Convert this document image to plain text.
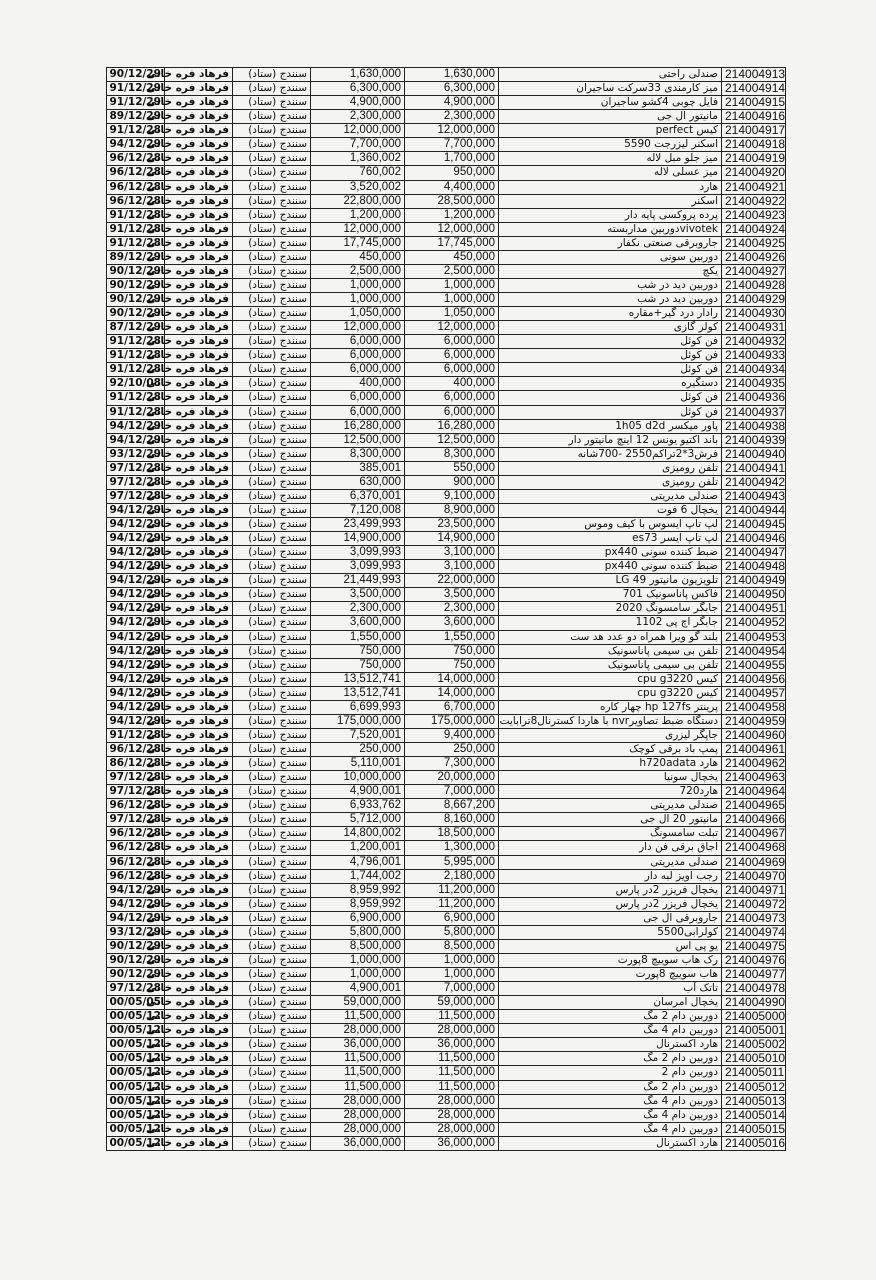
90/12/29	فرهاد فره خانی	سنندج (ستاد)	1,630,000	1,630,000	صندلی راحتی	214004913
91/12/29	فرهاد فره خانی	سنندج (ستاد)	6,300,000	6,300,000	میز کارمندی 33سرکت ساجیران	214004914
91/12/29	فرهاد فره خانی	سنندج (ستاد)	4,900,000	4,900,000	فایل چوبی 4کشو ساجیران	214004915
89/12/29	فرهاد فره خانی	سنندج (ستاد)	2,300,000	2,300,000	مانیتور ال جی	214004916
91/12/28	فرهاد فره خانی	سنندج (ستاد)	12,000,000	12,000,000	کیس perfect	214004917
94/12/29	فرهاد فره خانی	سنندج (ستاد)	7,700,000	7,700,000	اسکنر لیزرجت 5590	214004918
96/12/28	فرهاد فره خانی	سنندج (ستاد)	1,360,002	1,700,000	میز جلو مبل لاله	214004919
96/12/28	فرهاد فره خانی	سنندج (ستاد)	760,002	950,000	میز عسلی لاله	214004920
96/12/28	فرهاد فره خانی	سنندج (ستاد)	3,520,002	4,400,000	هارد	214004921
96/12/28	فرهاد فره خانی	سنندج (ستاد)	22,800,000	28,500,000	اسکنر	214004922
91/12/28	فرهاد فره خانی	سنندج (ستاد)	1,200,000	1,200,000	پرده پروکسی پایه دار	214004923
91/12/28	فرهاد فره خانی	سنندج (ستاد)	12,000,000	12,000,000	vivotekدوربین مداربسته	214004924
91/12/28	فرهاد فره خانی	سنندج (ستاد)	17,745,000	17,745,000	جاروبرقی صنعتی نکفار	214004925
89/12/29	فرهاد فره خانی	سنندج (ستاد)	450,000	450,000	دوربین سونی	214004926
90/12/29	فرهاد فره خانی	سنندج (ستاد)	2,500,000	2,500,000	یکچ	214004927
90/12/29	فرهاد فره خانی	سنندج (ستاد)	1,000,000	1,000,000	دوربین دید در شب	214004928
90/12/29	فرهاد فره خانی	سنندج (ستاد)	1,000,000	1,000,000	دوربین دید در شب	214004929
90/12/29	فرهاد فره خانی	سنندج (ستاد)	1,050,000	1,050,000	رادار درد گیر+مقاره	214004930
87/12/29	فرهاد فره خانی	سنندج (ستاد)	12,000,000	12,000,000	کولر گازی	214004931
91/12/28	فرهاد فره خانی	سنندج (ستاد)	6,000,000	6,000,000	فن کوئل	214004932
91/12/28	فرهاد فره خانی	سنندج (ستاد)	6,000,000	6,000,000	فن کوئل	214004933
91/12/28	فرهاد فره خانی	سنندج (ستاد)	6,000,000	6,000,000	فن کوئل	214004934
92/10/08	فرهاد فره خانی	سنندج (ستاد)	400,000	400,000	دستگیره	214004935
91/12/28	فرهاد فره خانی	سنندج (ستاد)	6,000,000	6,000,000	فن کوئل	214004936
91/12/28	فرهاد فره خانی	سنندج (ستاد)	6,000,000	6,000,000	فن کوئل	214004937
94/12/29	فرهاد فره خانی	سنندج (ستاد)	16,280,000	16,280,000	پاور میکسر 1h05 d2d	214004938
94/12/29	فرهاد فره خانی	سنندج (ستاد)	12,500,000	12,500,000	باند اکتیو یونس 12 اینچ مانیتور دار	214004939
93/12/29	فرهاد فره خانی	سنندج (ستاد)	8,300,000	8,300,000	فرش3*2تراکم2550 -700شانه	214004940
97/12/28	فرهاد فره خانی	سنندج (ستاد)	385,001	550,000	تلفن رومیزی	214004941
97/12/28	فرهاد فره خانی	سنندج (ستاد)	630,000	900,000	تلفن رومیزی	214004942
97/12/28	فرهاد فره خانی	سنندج (ستاد)	6,370,001	9,100,000	صندلی مدیریتی	214004943
94/12/29	فرهاد فره خانی	سنندج (ستاد)	7,120,008	8,900,000	یخچال 6 فوت	214004944
94/12/29	فرهاد فره خانی	سنندج (ستاد)	23,499,993	23,500,000	لپ تاپ ایسوس با کیف وموس	214004945
94/12/29	فرهاد فره خانی	سنندج (ستاد)	14,900,000	14,900,000	لپ تاپ ایسر es73	214004946
94/12/29	فرهاد فره خانی	سنندج (ستاد)	3,099,993	3,100,000	ضبط کننده سونی px440	214004947
94/12/29	فرهاد فره خانی	سنندج (ستاد)	3,099,993	3,100,000	ضبط کننده سونی px440	214004948
94/12/29	فرهاد فره خانی	سنندج (ستاد)	21,449,993	22,000,000	تلویزیون مانیتور LG 49	214004949
94/12/29	فرهاد فره خانی	سنندج (ستاد)	3,500,000	3,500,000	فاکس پاناسونیک 701	214004950
94/12/29	فرهاد فره خانی	سنندج (ستاد)	2,300,000	2,300,000	جابگر سامسونگ 2020	214004951
94/12/29	فرهاد فره خانی	سنندج (ستاد)	3,600,000	3,600,000	جابگر اچ پی 1102	214004952
94/12/29	فرهاد فره خانی	سنندج (ستاد)	1,550,000	1,550,000	بلند گو ویرا همراه دو عدد هد ست	214004953
94/12/29	فرهاد فره خانی	سنندج (ستاد)	750,000	750,000	تلفن بی سیمی پاناسونیک	214004954
94/12/29	فرهاد فره خانی	سنندج (ستاد)	750,000	750,000	تلفن بی سیمی پاناسونیک	214004955
94/12/29	فرهاد فره خانی	سنندج (ستاد)	13,512,741	14,000,000	کیس cpu g3220	214004956
94/12/29	فرهاد فره خانی	سنندج (ستاد)	13,512,741	14,000,000	کیس cpu g3220	214004957
94/12/29	فرهاد فره خانی	سنندج (ستاد)	6,699,993	6,700,000	پرینتر hp 127fs چهار کاره	214004958
94/12/29	فرهاد فره خانی	سنندج (ستاد)	175,000,000	175,000,000	دستگاه ضبط تصاویرnvr با هاردا کسترنال8ترابایت	214004959
91/12/28	فرهاد فره خانی	سنندج (ستاد)	7,520,001	9,400,000	جاپگر لیزری	214004960
96/12/28	فرهاد فره خانی	سنندج (ستاد)	250,000	250,000	پمپ باد برقی کوچک	214004961
86/12/28	فرهاد فره خانی	سنندج (ستاد)	5,110,001	7,300,000	هارد h720adata	214004962
97/12/28	فرهاد فره خانی	سنندج (ستاد)	10,000,000	20,000,000	یخچال سونیا	214004963
97/12/28	فرهاد فره خانی	سنندج (ستاد)	4,900,001	7,000,000	هارد720	214004964
96/12/28	فرهاد فره خانی	سنندج (ستاد)	6,933,762	8,667,200	صندلی مدیریتی	214004965
97/12/28	فرهاد فره خانی	سنندج (ستاد)	5,712,000	8,160,000	مانیتور 20 ال جی	214004966
96/12/28	فرهاد فره خانی	سنندج (ستاد)	14,800,002	18,500,000	تبلت سامسونگ	214004967
96/12/28	فرهاد فره خانی	سنندج (ستاد)	1,200,001	1,300,000	اجاق برقی فن دار	214004968
96/12/28	فرهاد فره خانی	سنندج (ستاد)	4,796,001	5,995,000	صندلی مدیریتی	214004969
96/12/28	فرهاد فره خانی	سنندج (ستاد)	1,744,002	2,180,000	رجب اویز لبه دار	214004970
94/12/29	فرهاد فره خانی	سنندج (ستاد)	8,959,992	11,200,000	یخچال فریزر 2در پارس	214004971
94/12/29	فرهاد فره خانی	سنندج (ستاد)	8,959,992	11,200,000	یخچال فریزر 2در پارس	214004972
94/12/29	فرهاد فره خانی	سنندج (ستاد)	6,900,000	6,900,000	جاروبرقی ال جی	214004973
93/12/29	فرهاد فره خانی	سنندج (ستاد)	5,800,000	5,800,000	کولرابی5500	214004974
90/12/29	فرهاد فره خانی	سنندج (ستاد)	8,500,000	8,500,000	یو پی اس	214004975
90/12/29	فرهاد فره خانی	سنندج (ستاد)	1,000,000	1,000,000	رک هاب سوییچ 8پورت	214004976
90/12/29	فرهاد فره خانی	سنندج (ستاد)	1,000,000	1,000,000	هاب سوییچ 8پورت	214004977
97/12/28	فرهاد فره خانی	سنندج (ستاد)	4,900,001	7,000,000	تاتک آب	214004978
00/05/05	فرهاد فره خانی	سنندج (ستاد)	59,000,000	59,000,000	یخچال امرسان	214004990
00/05/12	فرهاد فره خانی	سنندج (ستاد)	11,500,000	11,500,000	دوربین دام 2 مگ	214005000
00/05/12	فرهاد فره خانی	سنندج (ستاد)	28,000,000	28,000,000	دوربین دام 4 مگ	214005001
00/05/12	فرهاد فره خانی	سنندج (ستاد)	36,000,000	36,000,000	هارد اکسترنال	214005002
00/05/12	فرهاد فره خانی	سنندج (ستاد)	11,500,000	11,500,000	دوربین دام 2 مگ	214005010
00/05/12	فرهاد فره خانی	سنندج (ستاد)	11,500,000	11,500,000	دوربین دام 2	214005011
00/05/12	فرهاد فره خانی	سنندج (ستاد)	11,500,000	11,500,000	دوربین دام 2 مگ	214005012
00/05/12	فرهاد فره خانی	سنندج (ستاد)	28,000,000	28,000,000	دوربین دام 4 مگ	214005013
00/05/12	فرهاد فره خانی	سنندج (ستاد)	28,000,000	28,000,000	دوربین دام 4 مگ	214005014
00/05/12	فرهاد فره خانی	سنندج (ستاد)	28,000,000	28,000,000	دوربین دام 4 مگ	214005015
00/05/12	فرهاد فره خانی	سنندج (ستاد)	36,000,000	36,000,000	هارد اکسترنال	214005016
